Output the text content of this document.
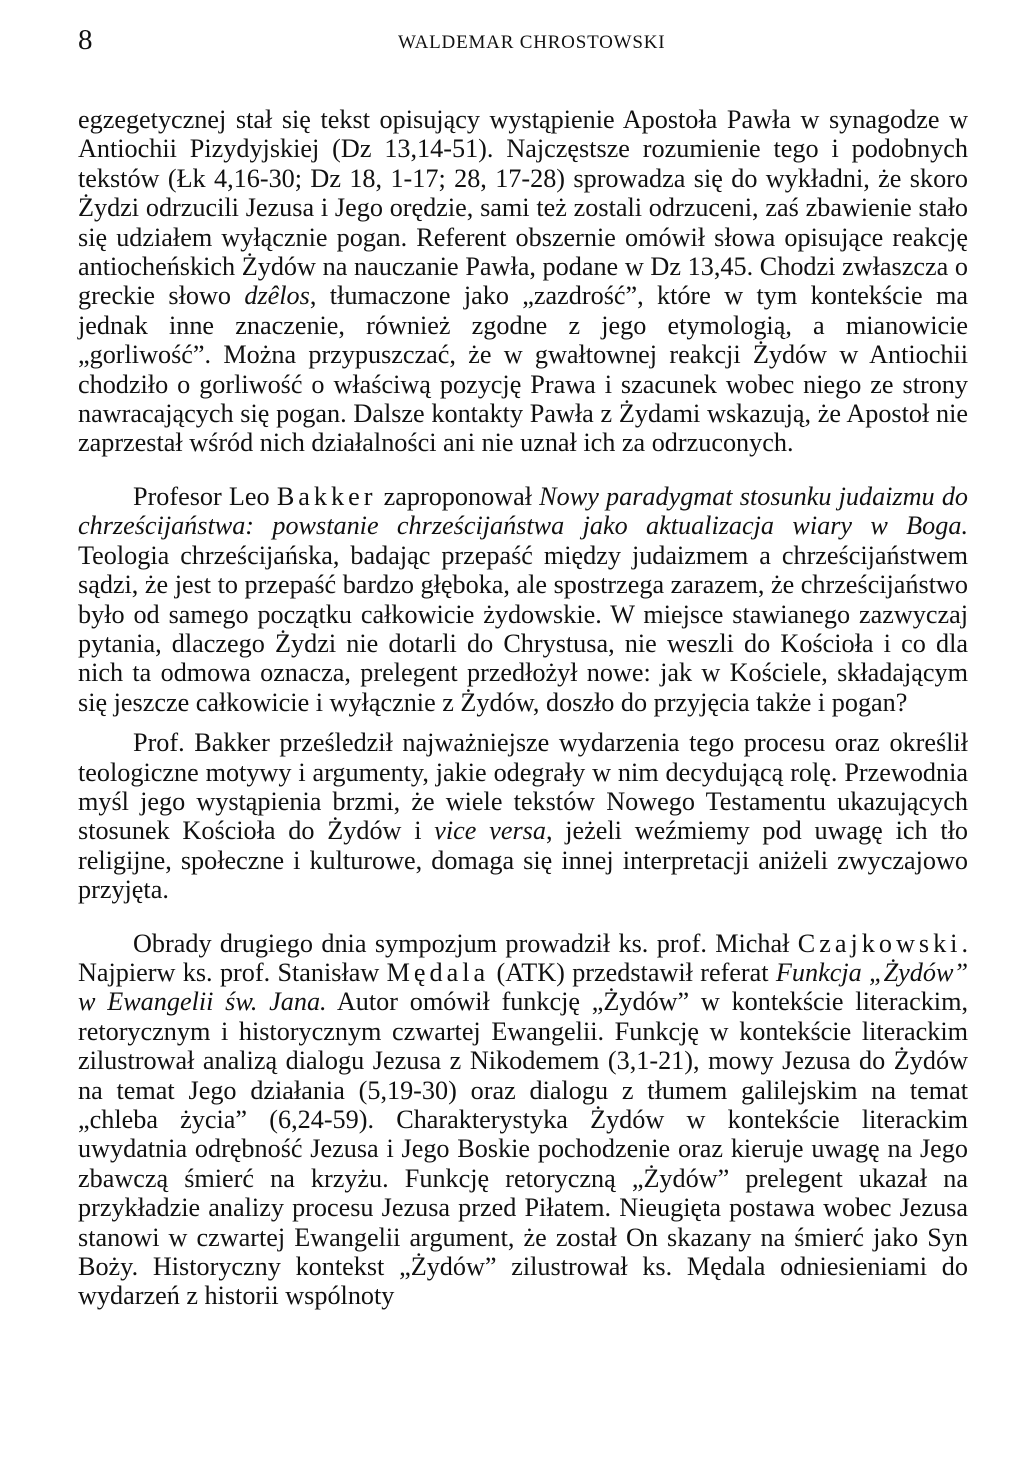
8	WALDEMAR CHROSTOWSKI

egzegetycznej stał się tekst opisujący wystąpienie Apostoła Pawła w synagodze w Antiochii Pizydyjskiej (Dz 13,14-51). Najczęstsze rozumienie tego i podobnych tekstów (Łk 4,16-30; Dz 18, 1-17; 28, 17-28) sprowadza się do wykładni, że skoro Żydzi odrzucili Jezusa i Jego orędzie, sami też zostali odrzuceni, zaś zbawienie stało się udziałem wyłącznie pogan. Referent obszernie omówił słowa opisujące reakcję antiocheńskich Żydów na nauczanie Pawła, podane w Dz 13,45. Chodzi zwłaszcza o greckie słowo dzêlos, tłumaczone jako „zazdrość”, które w tym kontekście ma jednak inne znaczenie, również zgodne z jego etymologią, a mianowicie „gorliwość”. Można przypuszczać, że w gwałtownej reakcji Żydów w Antiochii chodziło o gorliwość o właściwą pozycję Prawa i szacunek wobec niego ze strony nawracających się pogan. Dalsze kontakty Pawła z Żydami wskazują, że Apostoł nie zaprzestał wśród nich działalności ani nie uznał ich za odrzuconych.

Profesor Leo Bakker zaproponował Nowy paradygmat stosunku judaizmu do chrześcijaństwa: powstanie chrześcijaństwa jako aktualizacja wiary w Boga. Teologia chrześcijańska, badając przepaść między judaizmem a chrześcijaństwem sądzi, że jest to przepaść bardzo głęboka, ale spostrzega zarazem, że chrześcijaństwo było od samego początku całkowicie żydowskie. W miejsce stawianego zazwyczaj pytania, dlaczego Żydzi nie dotarli do Chrystusa, nie weszli do Kościoła i co dla nich ta odmowa oznacza, prelegent przedłożył nowe: jak w Kościele, składającym się jeszcze całkowicie i wyłącznie z Żydów, doszło do przyjęcia także i pogan?

Prof. Bakker prześledził najważniejsze wydarzenia tego procesu oraz określił teologiczne motywy i argumenty, jakie odegrały w nim decydującą rolę. Przewodnia myśl jego wystąpienia brzmi, że wiele tekstów Nowego Testamentu ukazujących stosunek Kościoła do Żydów i vice versa, jeżeli weźmiemy pod uwagę ich tło religijne, społeczne i kulturowe, domaga się innej interpretacji aniżeli zwyczajowo przyjęta.

Obrady drugiego dnia sympozjum prowadził ks. prof. Michał Czajkowski. Najpierw ks. prof. Stanisław Mędala (ATK) przedstawił referat Funkcja „Żydów” w Ewangelii św. Jana. Autor omówił funkcję „Żydów” w kontekście literackim, retorycznym i historycznym czwartej Ewangelii. Funkcję w kontekście literackim zilustrował analizą dialogu Jezusa z Nikodemem (3,1-21), mowy Jezusa do Żydów na temat Jego działania (5,19-30) oraz dialogu z tłumem galilejskim na temat „chleba życia” (6,24-59). Charakterystyka Żydów w kontekście literackim uwydatnia odrębność Jezusa i Jego Boskie pochodzenie oraz kieruje uwagę na Jego zbawczą śmierć na krzyżu. Funkcję retoryczną „Żydów” prelegent ukazał na przykładzie analizy procesu Jezusa przed Piłatem. Nieugięta postawa wobec Jezusa stanowi w czwartej Ewangelii argument, że został On skazany na śmierć jako Syn Boży. Historyczny kontekst „Żydów” zilustrował ks. Mędala odniesieniami do wydarzeń z historii wspólnoty
